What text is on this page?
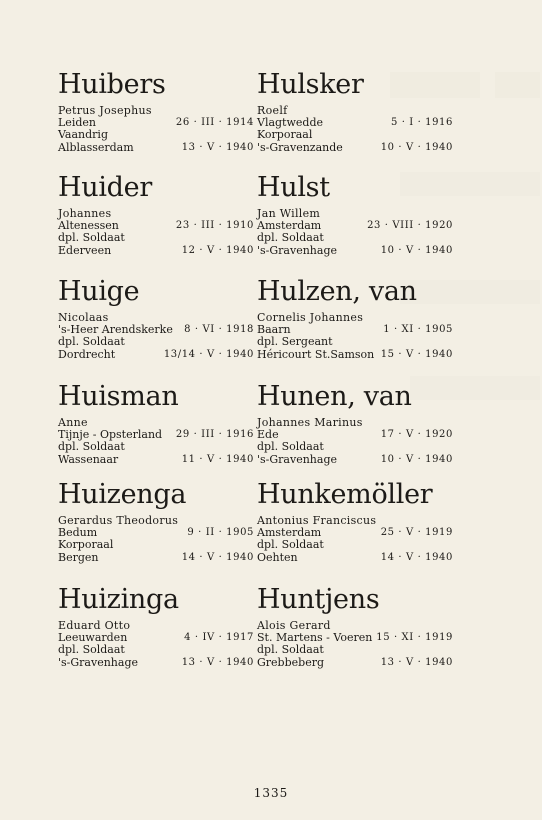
Huibers
Petrus Josephus
Leiden	26 · III · 1914
Vaandrig
Alblasserdam	13 · V · 1940
Huider
Johannes
Altenessen	23 · III · 1910
dpl. Soldaat
Ederveen	12 · V · 1940
Huige
Nicolaas
's-Heer Arendskerke 8 · VI · 1918
dpl. Soldaat
Dordrecht	13/14 · V · 1940
Huisman
Anne
Tijnje - Opsterland 29 · III · 1916
dpl. Soldaat
Wassenaar	11 · V · 1940
Huizenga
Gerardus Theodorus
Bedum	9 · II · 1905
Korporaal
Bergen	14 · V · 1940
Huizinga
Eduard Otto
Leeuwarden	4 · IV · 1917
dpl. Soldaat
's-Gravenhage	13 · V · 1940
Hulsker
Roelf
Vlagtwedde	5 · I · 1916
Korporaal
's-Gravenzande	10 · V · 1940
Hulst
Jan Willem
Amsterdam	23 · VIII · 1920
dpl. Soldaat
's-Gravenhage	10 · V · 1940
Hulzen, van
Cornelis Johannes
Baarn	1 · XI · 1905
dpl. Sergeant
Héricourt St.Samson 15 · V · 1940
Hunen, van
Johannes Marinus
Ede	17 · V · 1920
dpl. Soldaat
's-Gravenhage	10 · V · 1940
Hunkemöller
Antonius Franciscus
Amsterdam	25 · V · 1919
dpl. Soldaat
Oehten	14 · V · 1940
Huntjens
Alois Gerard
St. Martens - Voeren 15 · XI · 1919
dpl. Soldaat
Grebbeberg	13 · V · 1940
1335
